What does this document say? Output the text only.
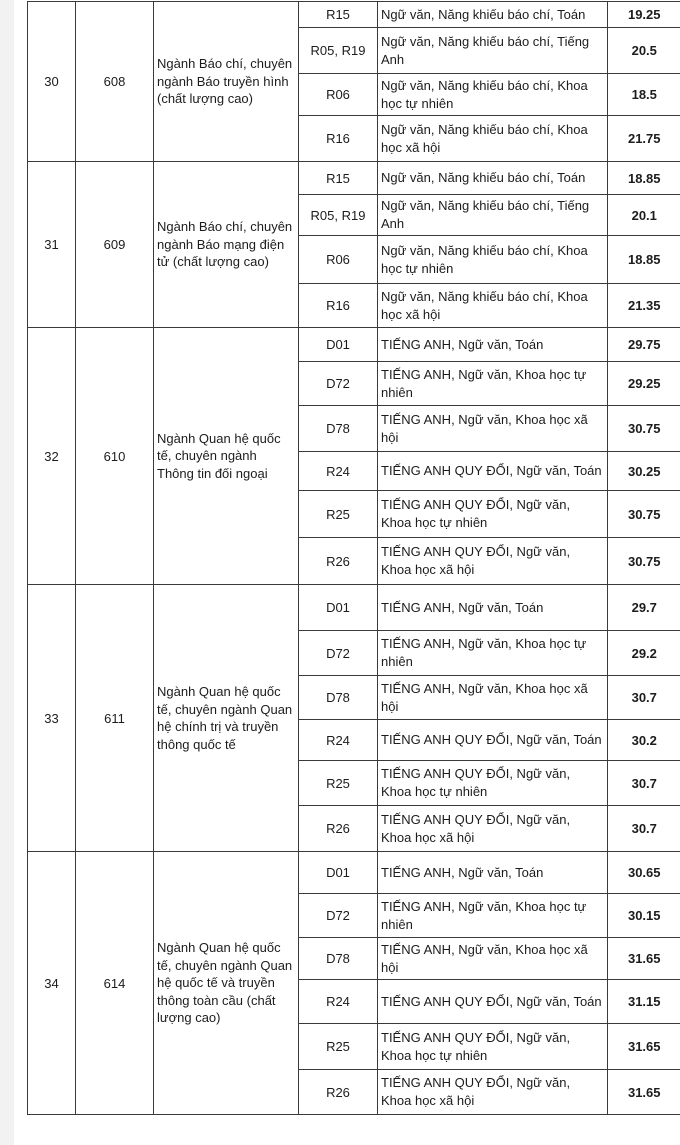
30	608	Ngành Báo chí, chuyên ngành Báo truyền hình (chất lượng cao)	R15	Ngữ văn, Năng khiếu báo chí, Toán	19.25
			R05, R19	Ngữ văn, Năng khiếu báo chí, Tiếng Anh	20.5
			R06	Ngữ văn, Năng khiếu báo chí, Khoa học tự nhiên	18.5
			R16	Ngữ văn, Năng khiếu báo chí, Khoa học xã hội	21.75
31	609	Ngành Báo chí, chuyên ngành Báo mạng điện tử (chất lượng cao)	R15	Ngữ văn, Năng khiếu báo chí, Toán	18.85
			R05, R19	Ngữ văn, Năng khiếu báo chí, Tiếng Anh	20.1
			R06	Ngữ văn, Năng khiếu báo chí, Khoa học tự nhiên	18.85
			R16	Ngữ văn, Năng khiếu báo chí, Khoa học xã hội	21.35
32	610	Ngành Quan hệ quốc tế, chuyên ngành Thông tin đối ngoại	D01	TIẾNG ANH, Ngữ văn, Toán	29.75
			D72	TIẾNG ANH, Ngữ văn, Khoa học tự nhiên	29.25
			D78	TIẾNG ANH, Ngữ văn, Khoa học xã hội	30.75
			R24	TIẾNG ANH QUY ĐỔI, Ngữ văn, Toán	30.25
			R25	TIẾNG ANH QUY ĐỔI, Ngữ văn, Khoa học tự nhiên	30.75
			R26	TIẾNG ANH QUY ĐỔI, Ngữ văn, Khoa học xã hội	30.75
33	611	Ngành Quan hệ quốc tế, chuyên ngành Quan hệ chính trị và truyền thông quốc tế	D01	TIẾNG ANH, Ngữ văn, Toán	29.7
			D72	TIẾNG ANH, Ngữ văn, Khoa học tự nhiên	29.2
			D78	TIẾNG ANH, Ngữ văn, Khoa học xã hội	30.7
			R24	TIẾNG ANH QUY ĐỔI, Ngữ văn, Toán	30.2
			R25	TIẾNG ANH QUY ĐỔI, Ngữ văn, Khoa học tự nhiên	30.7
			R26	TIẾNG ANH QUY ĐỔI, Ngữ văn, Khoa học xã hội	30.7
34	614	Ngành Quan hệ quốc tế, chuyên ngành Quan hệ quốc tế và truyền thông toàn cầu (chất lượng cao)	D01	TIẾNG ANH, Ngữ văn, Toán	30.65
			D72	TIẾNG ANH, Ngữ văn, Khoa học tự nhiên	30.15
			D78	TIẾNG ANH, Ngữ văn, Khoa học xã hội	31.65
			R24	TIẾNG ANH QUY ĐỔI, Ngữ văn, Toán	31.15
			R25	TIẾNG ANH QUY ĐỔI, Ngữ văn, Khoa học tự nhiên	31.65
			R26	TIẾNG ANH QUY ĐỔI, Ngữ văn, Khoa học xã hội	31.65
